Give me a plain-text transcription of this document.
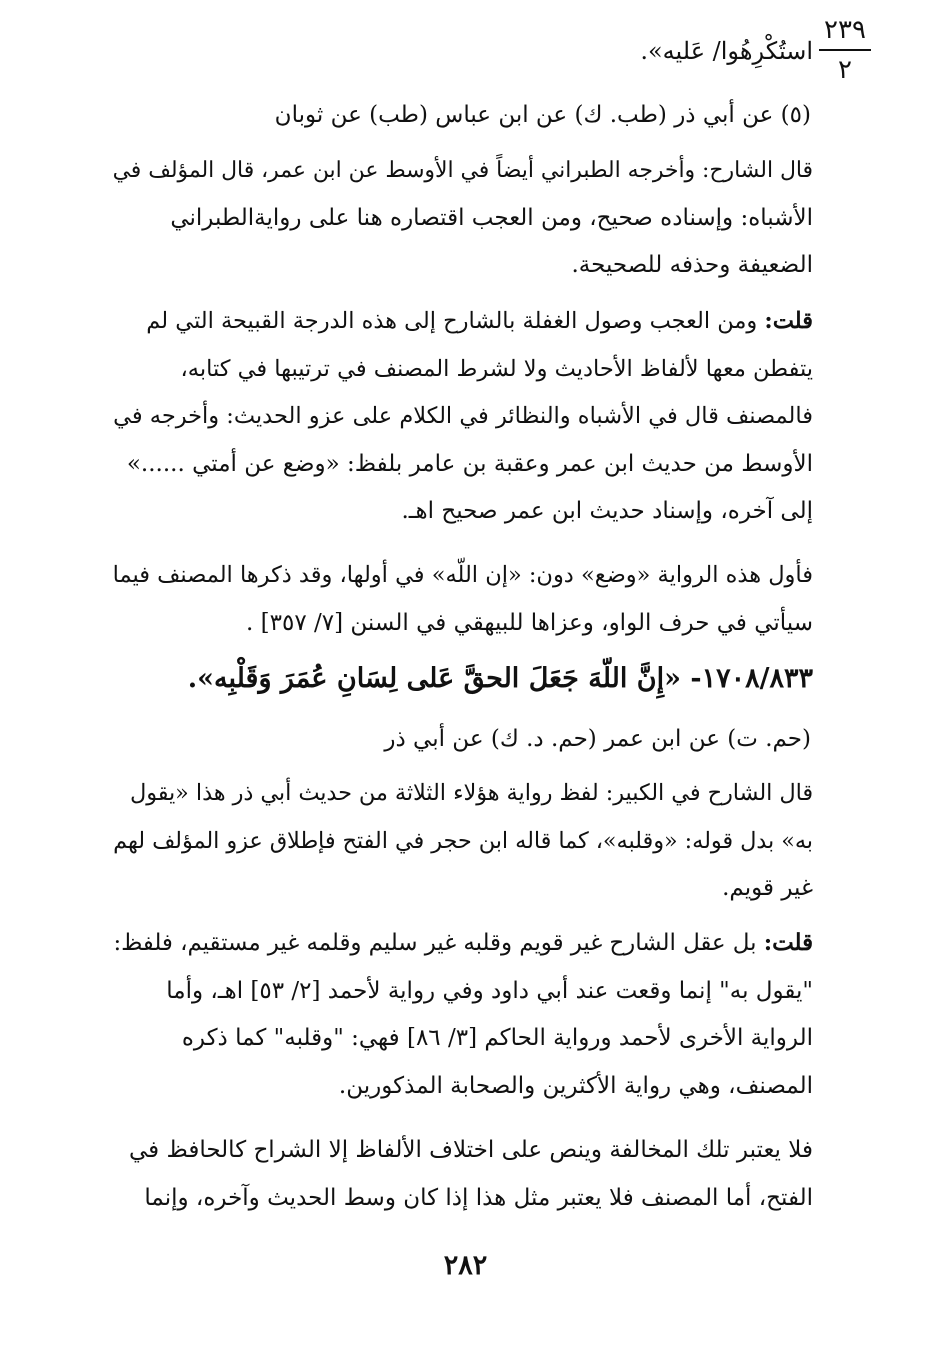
٢٣٩
٢
استُكْرِهُوا/ عَليه».
(٥) عن أبي ذر (طب. ك) عن ابن عباس (طب) عن ثوبان
قال الشارح: وأخرجه الطبراني أيضاً في الأوسط عن ابن عمر، قال المؤلف في
الأشباه: وإسناده صحيح، ومن العجب اقتصاره هنا على روايةالطبراني
الضعيفة وحذفه للصحيحة.
قلت: ومن العجب وصول الغفلة بالشارح إلى هذه الدرجة القبيحة التي لم
يتفطن معها لألفاظ الأحاديث ولا لشرط المصنف في ترتيبها في كتابه،
فالمصنف قال في الأشباه والنظائر في الكلام على عزو الحديث: وأخرجه في
الأوسط من حديث ابن عمر وعقبة بن عامر بلفظ: «وضع عن أمتي ......»
إلى آخره، وإسناد حديث ابن عمر صحيح اهـ.
فأول هذه الرواية «وضع» دون: «إن اللّه» في أولها، وقد ذكرها المصنف فيما
سيأتي في حرف الواو، وعزاها للبيهقي في السنن [٧/ ٣٥٧] .
١٧٠٨/٨٣٣- «إِنَّ اللّهَ جَعَلَ الحقَّ عَلى لِسَانِ عُمَرَ وَقَلْبِه».
(حم. ت) عن ابن عمر (حم. د. ك) عن أبي ذر
قال الشارح في الكبير: لفظ رواية هؤلاء الثلاثة من حديث أبي ذر هذا «يقول
به» بدل قوله: «وقلبه»، كما قاله ابن حجر في الفتح فإطلاق عزو المؤلف لهم
غير قويم.
قلت: بل عقل الشارح غير قويم وقلبه غير سليم وقلمه غير مستقيم، فلفظ:
"يقول به" إنما وقعت عند أبي داود وفي رواية لأحمد [٢/ ٥٣] اهـ، وأما
الرواية الأخرى لأحمد ورواية الحاكم [٣/ ٨٦] فهي: "وقلبه" كما ذكره
المصنف، وهي رواية الأكثرين والصحابة المذكورين.
فلا يعتبر تلك المخالفة وينص على اختلاف الألفاظ إلا الشراح كالحافظ في
الفتح، أما المصنف فلا يعتبر مثل هذا إذا كان وسط الحديث وآخره، وإنما
٢٨٢
